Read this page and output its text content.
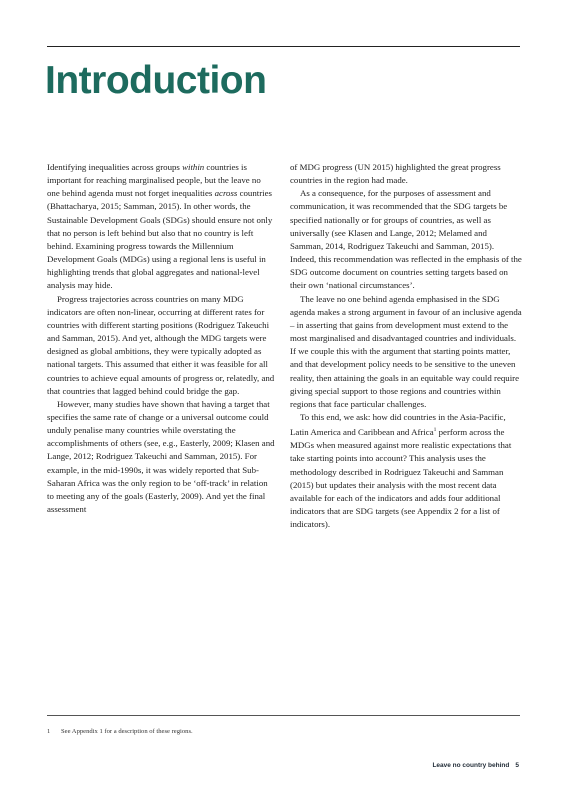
Introduction

Identifying inequalities across groups within countries is important for reaching marginalised people, but the leave no one behind agenda must not forget inequalities across countries (Bhattacharya, 2015; Samman, 2015). In other words, the Sustainable Development Goals (SDGs) should ensure not only that no person is left behind but also that no country is left behind. Examining progress towards the Millennium Development Goals (MDGs) using a regional lens is useful in highlighting trends that global aggregates and national-level analysis may hide.

Progress trajectories across countries on many MDG indicators are often non-linear, occurring at different rates for countries with different starting positions (Rodriguez Takeuchi and Samman, 2015). And yet, although the MDG targets were designed as global ambitions, they were typically adopted as national targets. This assumed that either it was feasible for all countries to achieve equal amounts of progress or, relatedly, and that countries that lagged behind could bridge the gap.

However, many studies have shown that having a target that specifies the same rate of change or a universal outcome could unduly penalise many countries while overstating the accomplishments of others (see, e.g., Easterly, 2009; Klasen and Lange, 2012; Rodriguez Takeuchi and Samman, 2015). For example, in the mid-1990s, it was widely reported that Sub-Saharan Africa was the only region to be ‘off-track’ in relation to meeting any of the goals (Easterly, 2009). And yet the final assessment

of MDG progress (UN 2015) highlighted the great progress countries in the region had made.

As a consequence, for the purposes of assessment and communication, it was recommended that the SDG targets be specified nationally or for groups of countries, as well as universally (see Klasen and Lange, 2012; Melamed and Samman, 2014, Rodriguez Takeuchi and Samman, 2015). Indeed, this recommendation was reflected in the emphasis of the SDG outcome document on countries setting targets based on their own ‘national circumstances’.

The leave no one behind agenda emphasised in the SDG agenda makes a strong argument in favour of an inclusive agenda – in asserting that gains from development must extend to the most marginalised and disadvantaged countries and individuals. If we couple this with the argument that starting points matter, and that development policy needs to be sensitive to the uneven reality, then attaining the goals in an equitable way could require giving special support to those regions and countries within regions that face particular challenges.

To this end, we ask: how did countries in the Asia-Pacific, Latin America and Caribbean and Africa$^1$ perform across the MDGs when measured against more realistic expectations that take starting points into account? This analysis uses the methodology described in Rodriguez Takeuchi and Samman (2015) but updates their analysis with the most recent data available for each of the indicators and adds four additional indicators that are SDG targets (see Appendix 2 for a list of indicators).

1 See Appendix 1 for a description of these regions.
Leave no country behind 5
